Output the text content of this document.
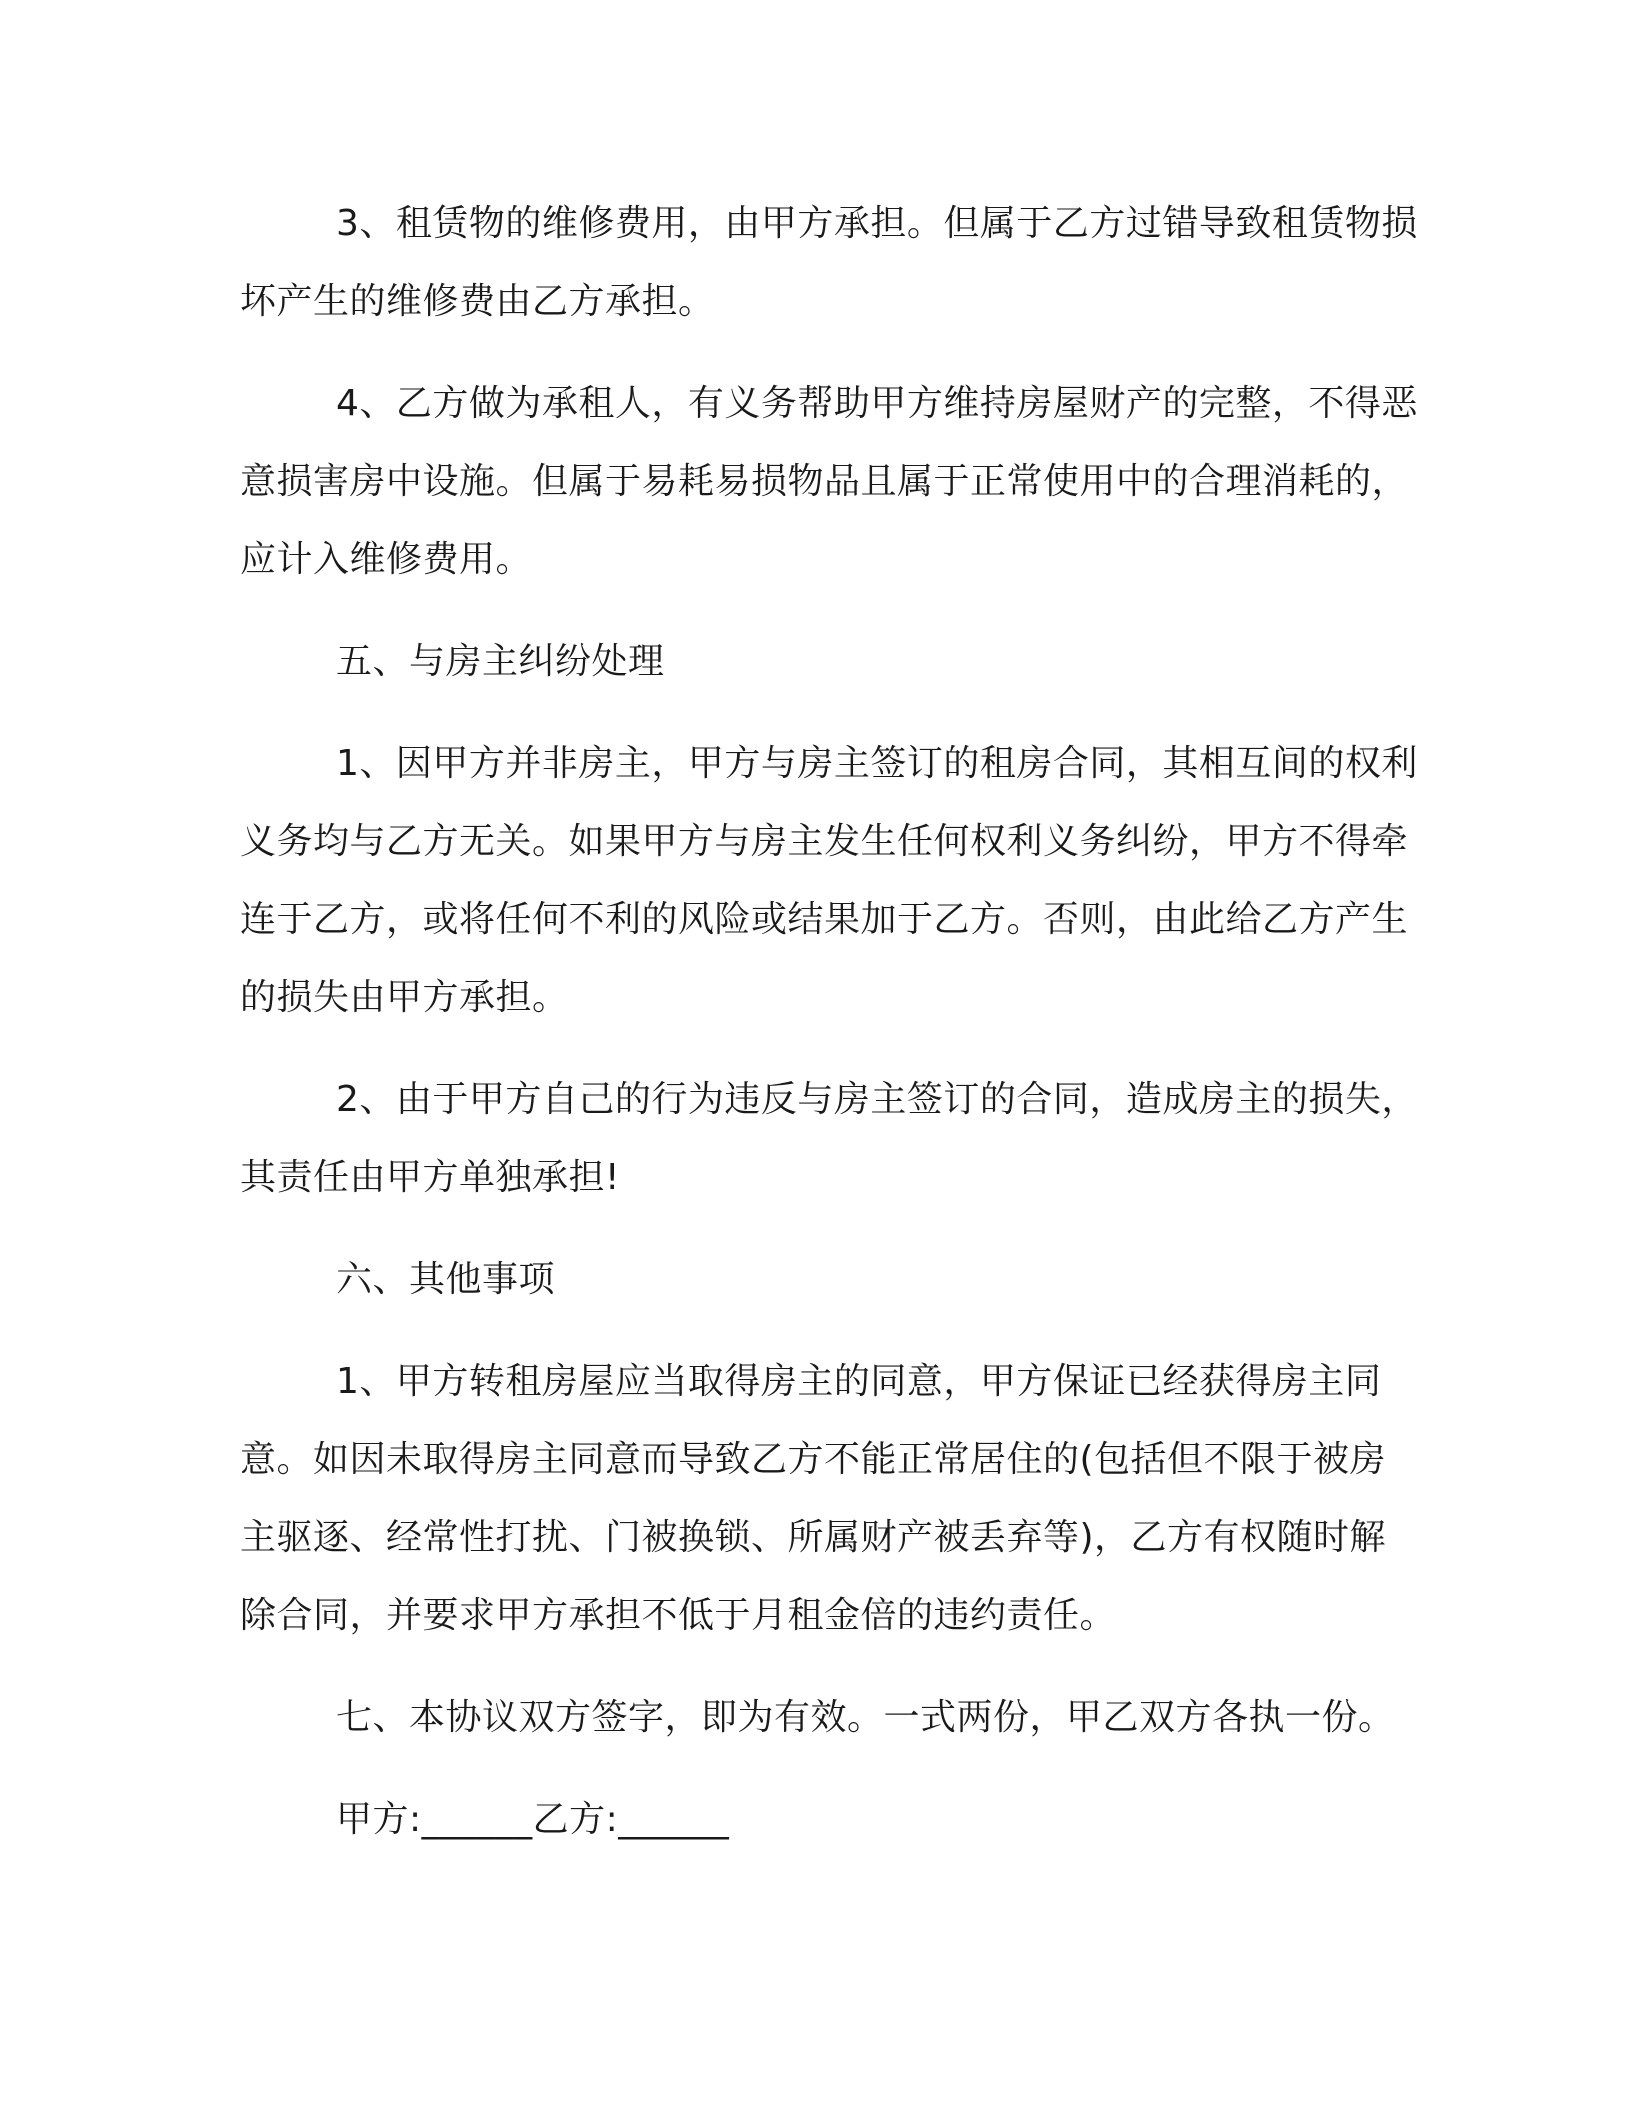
3、租赁物的维修费用，由甲方承担。但属于乙方过错导致租赁物损坏产生的维修费由乙方承担。

4、乙方做为承租人，有义务帮助甲方维持房屋财产的完整，不得恶意损害房中设施。但属于易耗易损物品且属于正常使用中的合理消耗的，应计入维修费用。

五、与房主纠纷处理

1、因甲方并非房主，甲方与房主签订的租房合同，其相互间的权利义务均与乙方无关。如果甲方与房主发生任何权利义务纠纷，甲方不得牵连于乙方，或将任何不利的风险或结果加于乙方。否则，由此给乙方产生的损失由甲方承担。

2、由于甲方自己的行为违反与房主签订的合同，造成房主的损失，其责任由甲方单独承担!

六、其他事项

1、甲方转租房屋应当取得房主的同意，甲方保证已经获得房主同意。如因未取得房主同意而导致乙方不能正常居住的(包括但不限于被房主驱逐、经常性打扰、门被换锁、所属财产被丢弃等)，乙方有权随时解除合同，并要求甲方承担不低于月租金倍的违约责任。

七、本协议双方签字，即为有效。一式两份，甲乙双方各执一份。

甲方:______乙方:______
